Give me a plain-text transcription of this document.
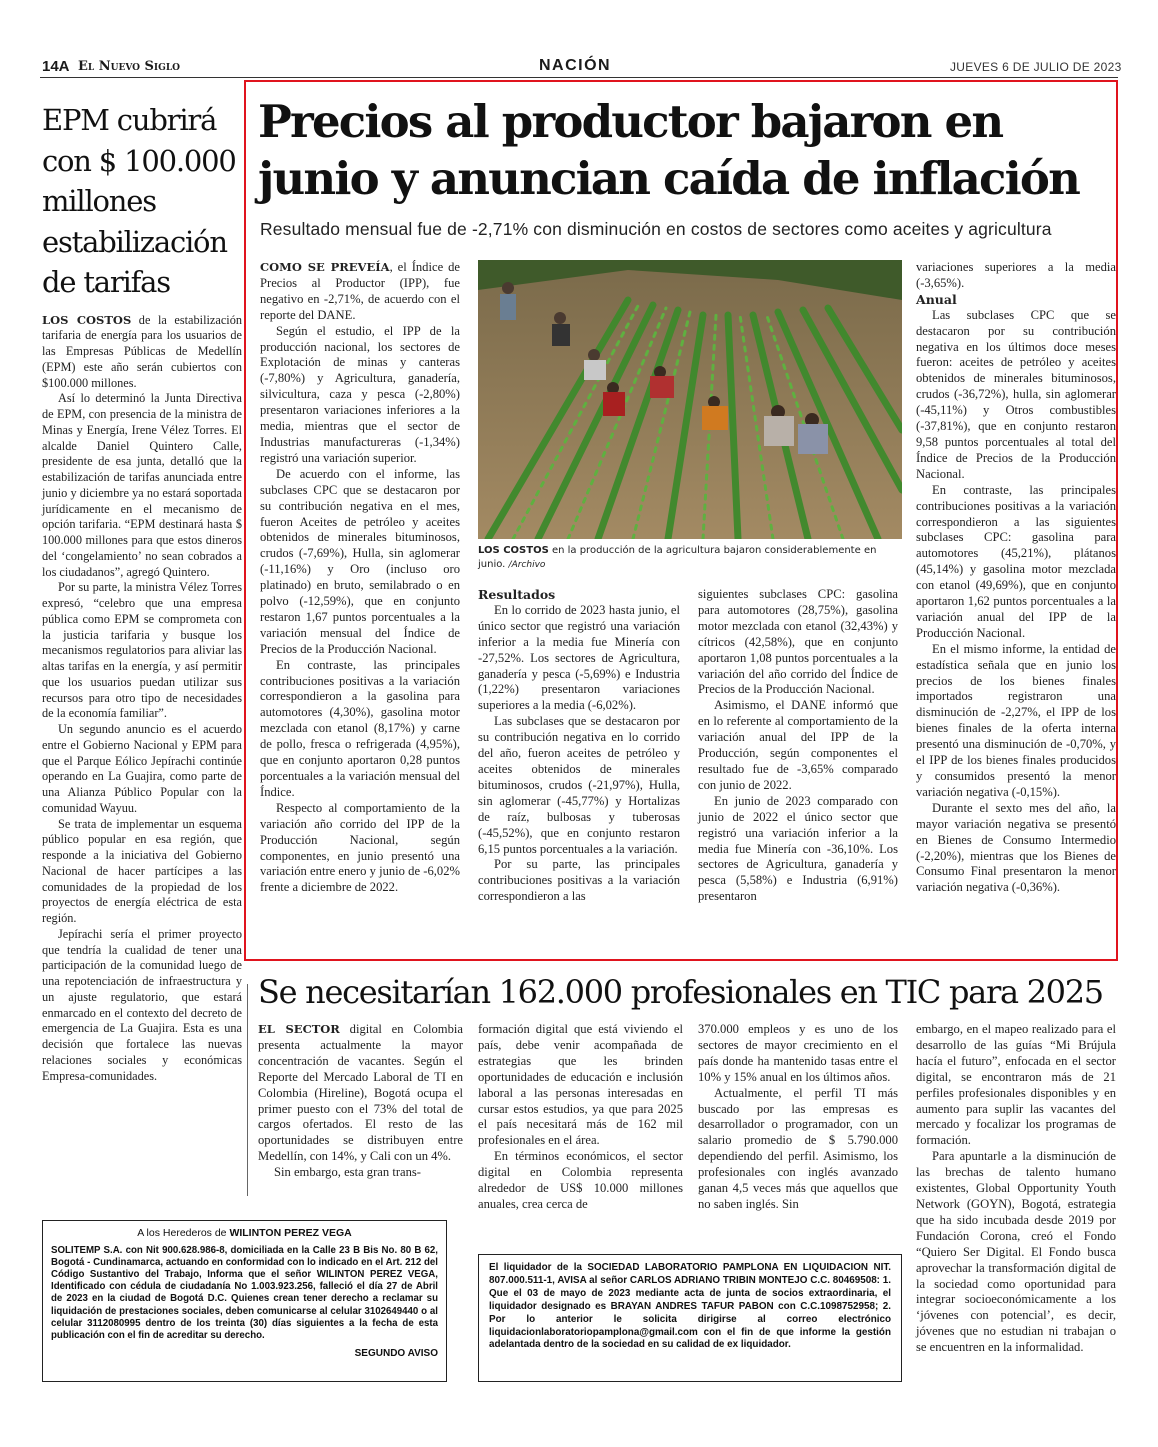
14A El Nuevo Siglo	NACIÓN	JUEVES 6 DE JULIO DE 2023
EPM cubrirá con $ 100.000 millones estabilización de tarifas

LOS COSTOS de la estabilización tarifaria de energía para los usuarios de las Empresas Públicas de Medellín (EPM) este año serán cubiertos con $100.000 millones.

Así lo determinó la Junta Directiva de EPM, con presencia de la ministra de Minas y Energía, Irene Vélez Torres. El alcalde Daniel Quintero Calle, presidente de esa junta, detalló que la estabilización de tarifas anunciada entre junio y diciembre ya no estará soportada jurídicamente en el mecanismo de opción tarifaria. “EPM destinará hasta $ 100.000 millones para que estos dineros del ‘congelamiento’ no sean cobrados a los ciudadanos”, agregó Quintero.

Por su parte, la ministra Vélez Torres expresó, “celebro que una empresa pública como EPM se comprometa con la justicia tarifaria y busque los mecanismos regulatorios para aliviar las altas tarifas en la energía, y así permitir que los usuarios puedan utilizar sus recursos para otro tipo de necesidades de la economía familiar”.

Un segundo anuncio es el acuerdo entre el Gobierno Nacional y EPM para que el Parque Eólico Jepírachi continúe operando en La Guajira, como parte de una Alianza Público Popular con la comunidad Wayuu.

Se trata de implementar un esquema público popular en esa región, que responde a la iniciativa del Gobierno Nacional de hacer partícipes a las comunidades de la propiedad de los proyectos de energía eléctrica de esta región.

Jepírachi sería el primer proyecto que tendría la cualidad de tener una participación de la comunidad luego de una repotenciación de infraestructura y un ajuste regulatorio, que estará enmarcado en el contexto del decreto de emergencia de La Guajira. Esta es una decisión que fortalece las nuevas relaciones sociales y económicas Empresa-comunidades.

Precios al productor bajaron en junio y anuncian caída de inflación
Resultado mensual fue de -2,71% con disminución en costos de sectores como aceites y agricultura

COMO SE PREVEÍA, el Índice de Precios al Productor (IPP), fue negativo en -2,71%, de acuerdo con el reporte del DANE.

Según el estudio, el IPP de la producción nacional, los sectores de Explotación de minas y canteras (-7,80%) y Agricultura, ganadería, silvicultura, caza y pesca (-2,80%) presentaron variaciones inferiores a la media, mientras que el sector de Industrias manufactureras (-1,34%) registró una variación superior.

De acuerdo con el informe, las subclases CPC que se destacaron por su contribución negativa en el mes, fueron Aceites de petróleo y aceites obtenidos de minerales bituminosos, crudos (-7,69%), Hulla, sin aglomerar (-11,16%) y Oro (incluso oro platinado) en bruto, semilabrado o en polvo (-12,59%), que en conjunto restaron 1,67 puntos porcentuales a la variación mensual del Índice de Precios de la Producción Nacional.

En contraste, las principales contribuciones positivas a la variación correspondieron a la gasolina para automotores (4,30%), gasolina motor mezclada con etanol (8,17%) y carne de pollo, fresca o refrigerada (4,95%), que en conjunto aportaron 0,28 puntos porcentuales a la variación mensual del Índice.

Respecto al comportamiento de la variación año corrido del IPP de la Producción Nacional, según componentes, en junio presentó una variación entre enero y junio de -6,02% frente a diciembre de 2022.

LOS COSTOS en la producción de la agricultura bajaron considerablemente en junio. /Archivo

Resultados

En lo corrido de 2023 hasta junio, el único sector que registró una variación inferior a la media fue Minería con -27,52%. Los sectores de Agricultura, ganadería y pesca (-5,69%) e Industria (1,22%) presentaron variaciones superiores a la media (-6,02%).

Las subclases que se destacaron por su contribución negativa en lo corrido del año, fueron aceites de petróleo y aceites obtenidos de minerales bituminosos, crudos (-21,97%), Hulla, sin aglomerar (-45,77%) y Hortalizas de raíz, bulbosas y tuberosas (-45,52%), que en conjunto restaron 6,15 puntos porcentuales a la variación.

Por su parte, las principales contribuciones positivas a la variación correspondieron a las

siguientes subclases CPC: gasolina para automotores (28,75%), gasolina motor mezclada con etanol (32,43%) y cítricos (42,58%), que en conjunto aportaron 1,08 puntos porcentuales a la variación del año corrido del Índice de Precios de la Producción Nacional.

Asimismo, el DANE informó que en lo referente al comportamiento de la variación anual del IPP de la Producción, según componentes el resultado fue de -3,65% comparado con junio de 2022.

En junio de 2023 comparado con junio de 2022 el único sector que registró una variación inferior a la media fue Minería con -36,10%. Los sectores de Agricultura, ganadería y pesca (5,58%) e Industria (6,91%) presentaron

variaciones superiores a la media (-3,65%).

Anual

Las subclases CPC que se destacaron por su contribución negativa en los últimos doce meses fueron: aceites de petróleo y aceites obtenidos de minerales bituminosos, crudos (-36,72%), hulla, sin aglomerar (-45,11%) y Otros combustibles (-37,81%), que en conjunto restaron 9,58 puntos porcentuales al total del Índice de Precios de la Producción Nacional.

En contraste, las principales contribuciones positivas a la variación correspondieron a las siguientes subclases CPC: gasolina para automotores (45,21%), plátanos (45,14%) y gasolina motor mezclada con etanol (49,69%), que en conjunto aportaron 1,62 puntos porcentuales a la variación anual del IPP de la Producción Nacional.

En el mismo informe, la entidad de estadística señala que en junio los precios de los bienes finales importados registraron una disminución de -2,27%, el IPP de los bienes finales de la oferta interna presentó una disminución de -0,70%, y el IPP de los bienes finales producidos y consumidos presentó la menor variación negativa (-0,15%).

Durante el sexto mes del año, la mayor variación negativa se presentó en Bienes de Consumo Intermedio (-2,20%), mientras que los Bienes de Consumo Final presentaron la menor variación negativa (-0,36%).

Se necesitarían 162.000 profesionales en TIC para 2025

EL SECTOR digital en Colombia presenta actualmente la mayor concentración de vacantes. Según el Reporte del Mercado Laboral de TI en Colombia (Hireline), Bogotá ocupa el primer puesto con el 73% del total de cargos ofertados. El resto de las oportunidades se distribuyen entre Medellín, con 14%, y Cali con un 4%.

Sin embargo, esta gran trans-

formación digital que está viviendo el país, debe venir acompañada de estrategias que les brinden oportunidades de educación e inclusión laboral a las personas interesadas en cursar estos estudios, ya que para 2025 el país necesitará más de 162 mil profesionales en el área.

En términos económicos, el sector digital en Colombia representa alrededor de US$ 10.000 millones anuales, crea cerca de

370.000 empleos y es uno de los sectores de mayor crecimiento en el país donde ha mantenido tasas entre el 10% y 15% anual en los últimos años.

Actualmente, el perfil TI más buscado por las empresas es desarrollador o programador, con un salario promedio de $ 5.790.000 dependiendo del perfil. Asimismo, los profesionales con inglés avanzado ganan 4,5 veces más que aquellos que no saben inglés. Sin

embargo, en el mapeo realizado para el desarrollo de las guías “Mi Brújula hacía el futuro”, enfocada en el sector digital, se encontraron más de 21 perfiles profesionales disponibles y en aumento para suplir las vacantes del mercado y focalizar los programas de formación.

Para apuntarle a la disminución de las brechas de talento humano existentes, Global Opportunity Youth Network (GOYN), Bogotá, estrategia que ha sido incubada desde 2019 por Fundación Corona, creó el Fondo “Quiero Ser Digital. El Fondo busca aprovechar la transformación digital de la sociedad como oportunidad para integrar socioeconómicamente a los ‘jóvenes con potencial’, es decir, jóvenes que no estudian ni trabajan o se encuentren en la informalidad.

A los Herederos de WILINTON PEREZ VEGA
SOLITEMP S.A. con Nit 900.628.986-8, domiciliada en la Calle 23 B Bis No. 80 B 62, Bogotá - Cundinamarca, actuando en conformidad con lo indicado en el Art. 212 del Código Sustantivo del Trabajo, Informa que el señor WILINTON PEREZ VEGA, Identificado con cédula de ciudadanía No 1.003.923.256, falleció el día 27 de Abril de 2023 en la ciudad de Bogotá D.C. Quienes crean tener derecho a reclamar su liquidación de prestaciones sociales, deben comunicarse al celular 3102649440 o al celular 3112080995 dentro de los treinta (30) días siguientes a la fecha de esta publicación con el fin de acreditar su derecho.
SEGUNDO AVISO
El liquidador de la SOCIEDAD LABORATORIO PAMPLONA EN LIQUIDACION NIT. 807.000.511-1, AVISA al señor CARLOS ADRIANO TRIBIN MONTEJO C.C. 80469508: 1. Que el 03 de mayo de 2023 mediante acta de junta de socios extraordinaria, el liquidador designado es BRAYAN ANDRES TAFUR PABON con C.C.1098752958; 2. Por lo anterior le solicita dirigirse al correo electrónico liquidacionlaboratoriopamplona@gmail.com con el fin de que informe la gestión adelantada dentro de la sociedad en su calidad de ex liquidador.
